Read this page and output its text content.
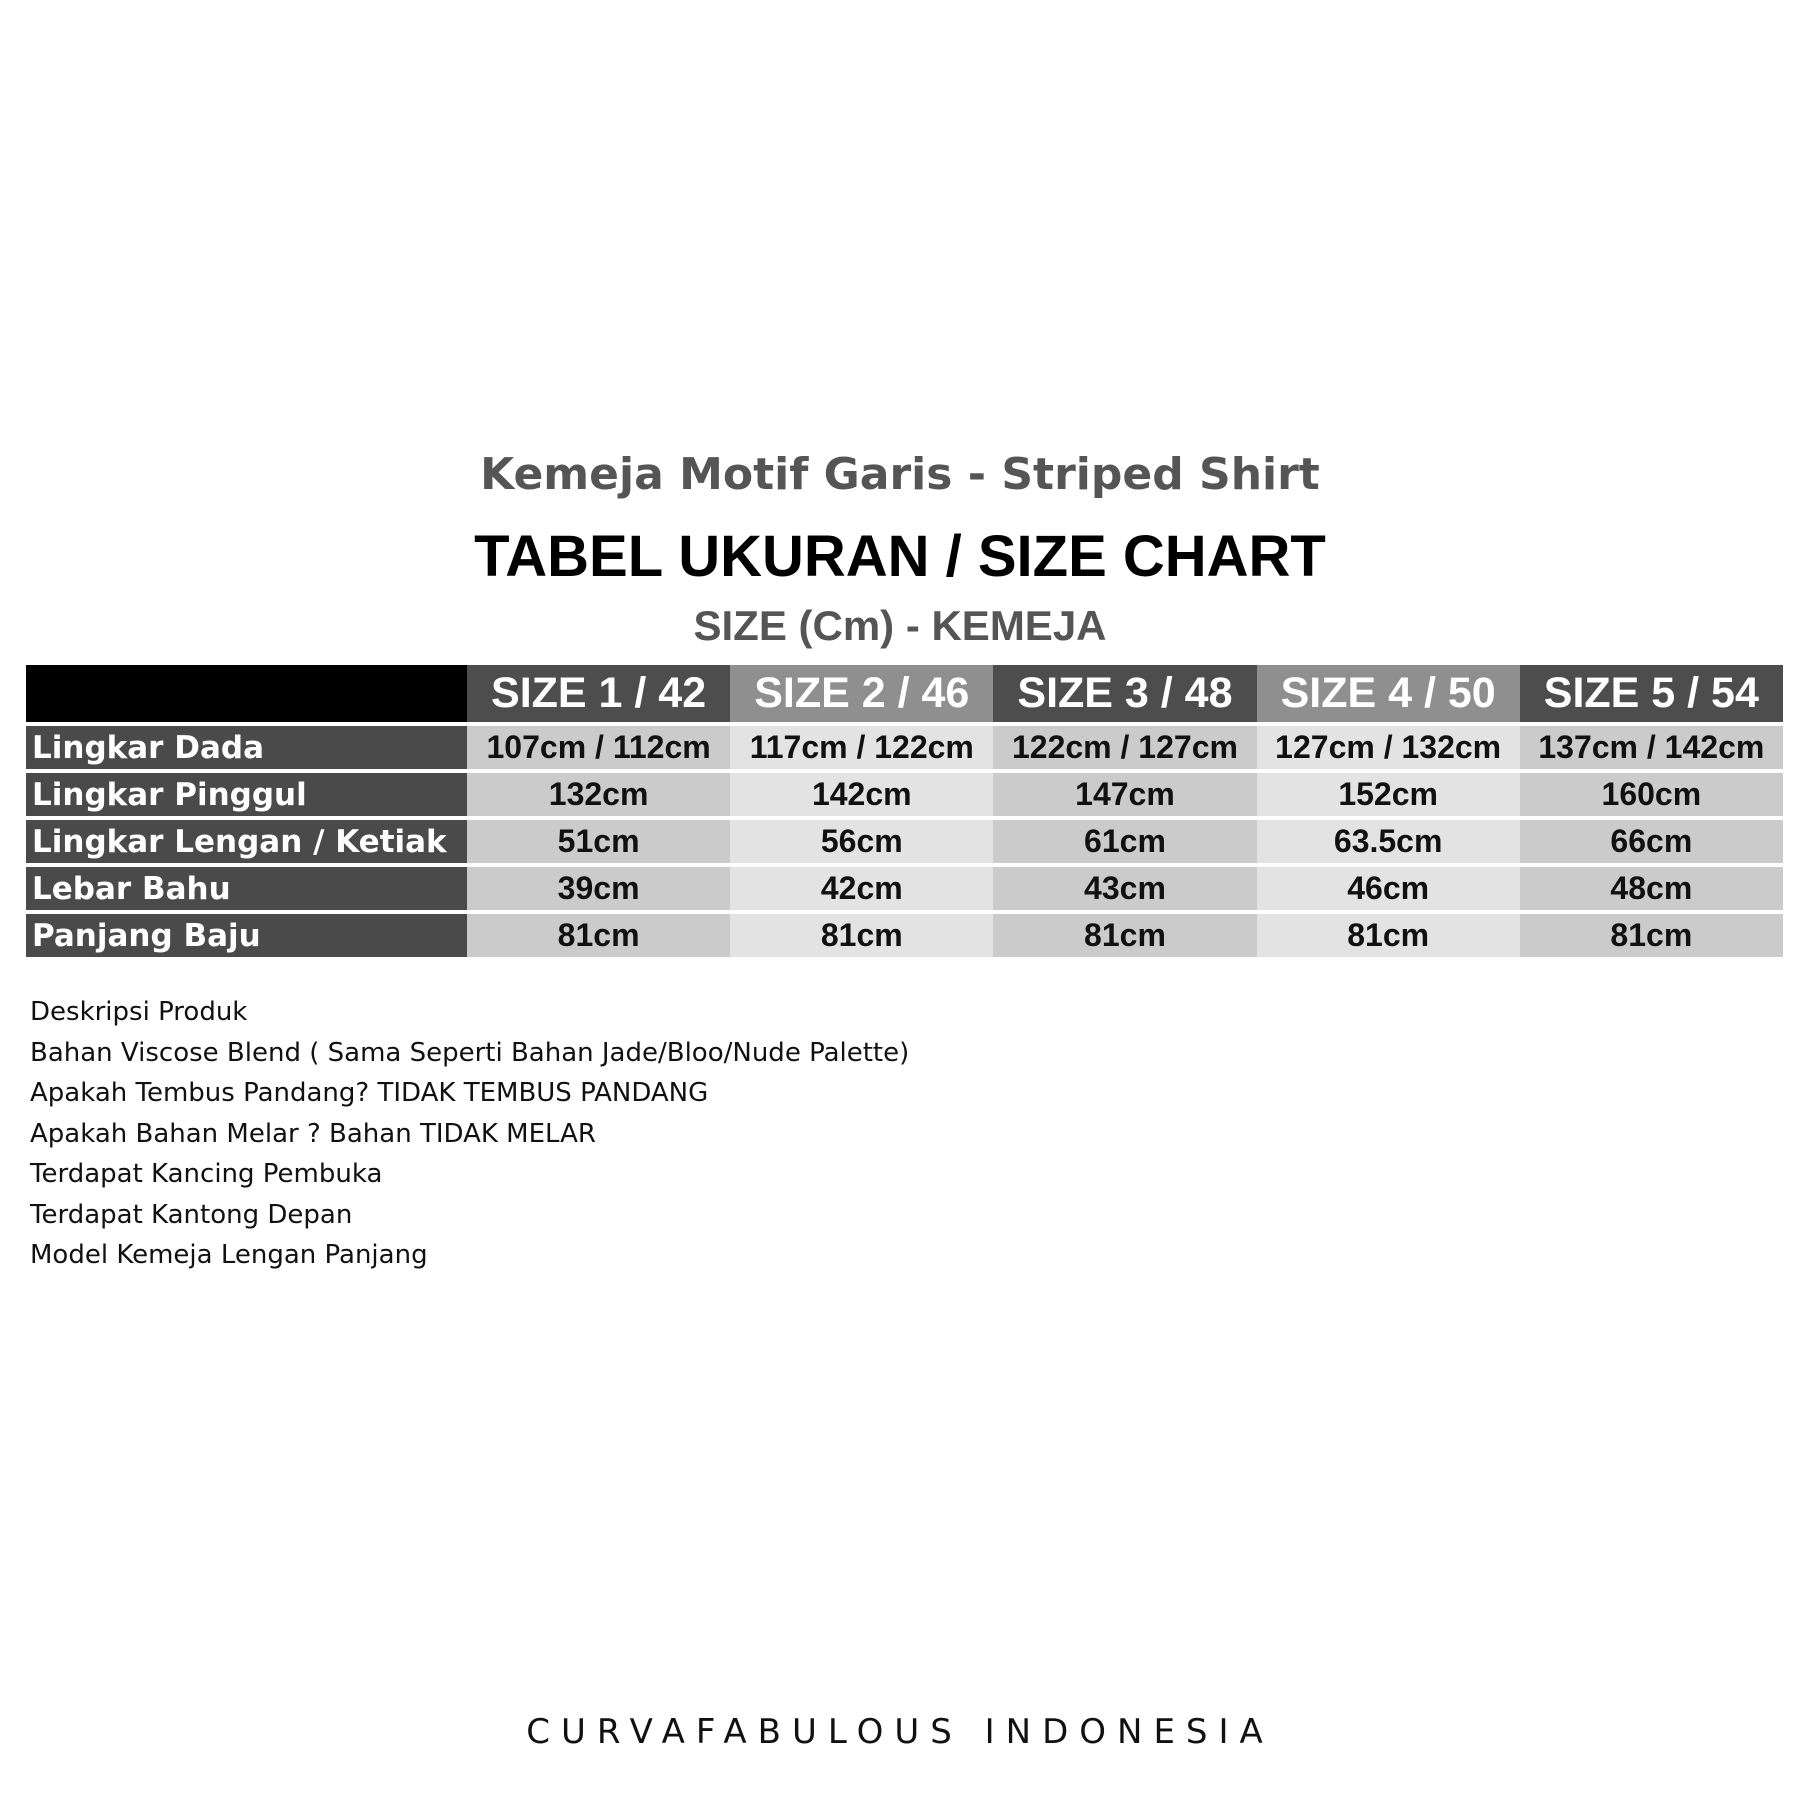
Kemeja Motif Garis - Striped Shirt
TABEL UKURAN / SIZE CHART
SIZE (Cm) - KEMEJA
SIZE 1 / 42	SIZE 2 / 46	SIZE 3 / 48	SIZE 4 / 50	SIZE 5 / 54
Lingkar Dada	107cm / 112cm	117cm / 122cm	122cm / 127cm	127cm / 132cm	137cm / 142cm
Lingkar Pinggul	132cm	142cm	147cm	152cm	160cm
Lingkar Lengan / Ketiak	51cm	56cm	61cm	63.5cm	66cm
Lebar Bahu	39cm	42cm	43cm	46cm	48cm
Panjang Baju	81cm	81cm	81cm	81cm	81cm
Deskripsi Produk
Bahan Viscose Blend ( Sama Seperti Bahan Jade/Bloo/Nude Palette)
Apakah Tembus Pandang? TIDAK TEMBUS PANDANG
Apakah Bahan Melar ? Bahan TIDAK MELAR
Terdapat Kancing Pembuka
Terdapat Kantong Depan
Model Kemeja Lengan Panjang
CURVAFABULOUS INDONESIA
